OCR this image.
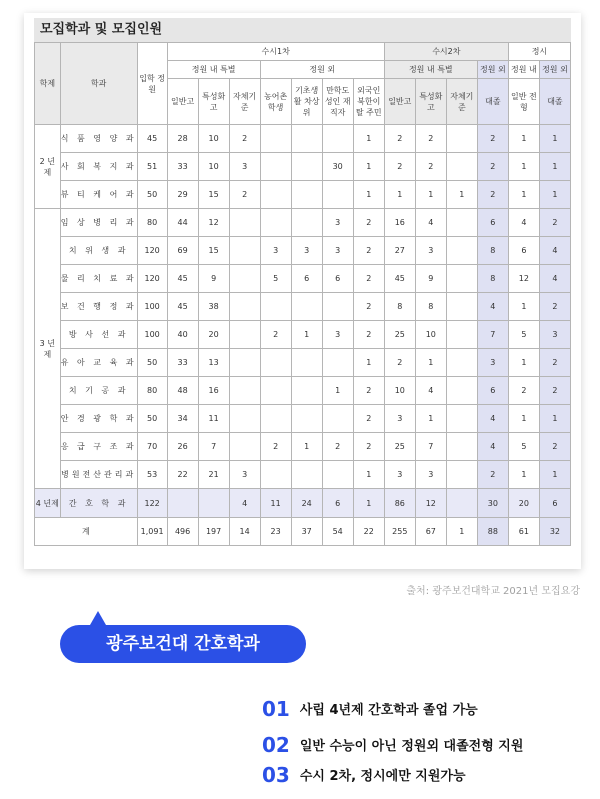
모집학과 및 모집인원
학제	학과	입학 정원	수시1차							수시2차				정시	
			정원 내 특별			정원 외				정원 내 특별			정원 외	정원 내	정원 외
			일반고	특성화고	자체기준	농어촌 학생	기초생활 차상위	만학도 성인 재직자	외국인 북한이탈 주민	일반고	특성화고	자체기준	대졸	일반 전형	대졸
2 년 제	식 품 영 양 과	45	28	10	2				1	2	2		2	1	1
	사 회 복 지 과	51	33	10	3			30	1	2	2		2	1	1
	뷰 티 케 어 과	50	29	15	2				1	1	1	1	2	1	1
3 년 제	임 상 병 리 과	80	44	12				3	2	16	4		6	4	2
	치 위 생 과	120	69	15		3	3	3	2	27	3		8	6	4
	물 리 치 료 과	120	45	9		5	6	6	2	45	9		8	12	4
	보 건 행 정 과	100	45	38					2	8	8		4	1	2
	방 사 선 과	100	40	20		2	1	3	2	25	10		7	5	3
	유 아 교 육 과	50	33	13					1	2	1		3	1	2
	치 기 공 과	80	48	16				1	2	10	4		6	2	2
	안 경 광 학 과	50	34	11					2	3	1		4	1	1
	응 급 구 조 과	70	26	7		2	1	2	2	25	7		4	5	2
	병원전산관리과	53	22	21	3				1	3	3		2	1	1
4 년제	간 호 학 과	122			4	11	24	6	1	86	12		30	20	6
계		1,091	496	197	14	23	37	54	22	255	67	1	88	61	32
출처: 광주보건대학교 2021년 모집요강
광주보건대 간호학과
01 사립 4년제 간호학과 졸업 가능
02 일반 수능이 아닌 정원외 대졸전형 지원
03 수시 2차, 정시에만 지원가능
